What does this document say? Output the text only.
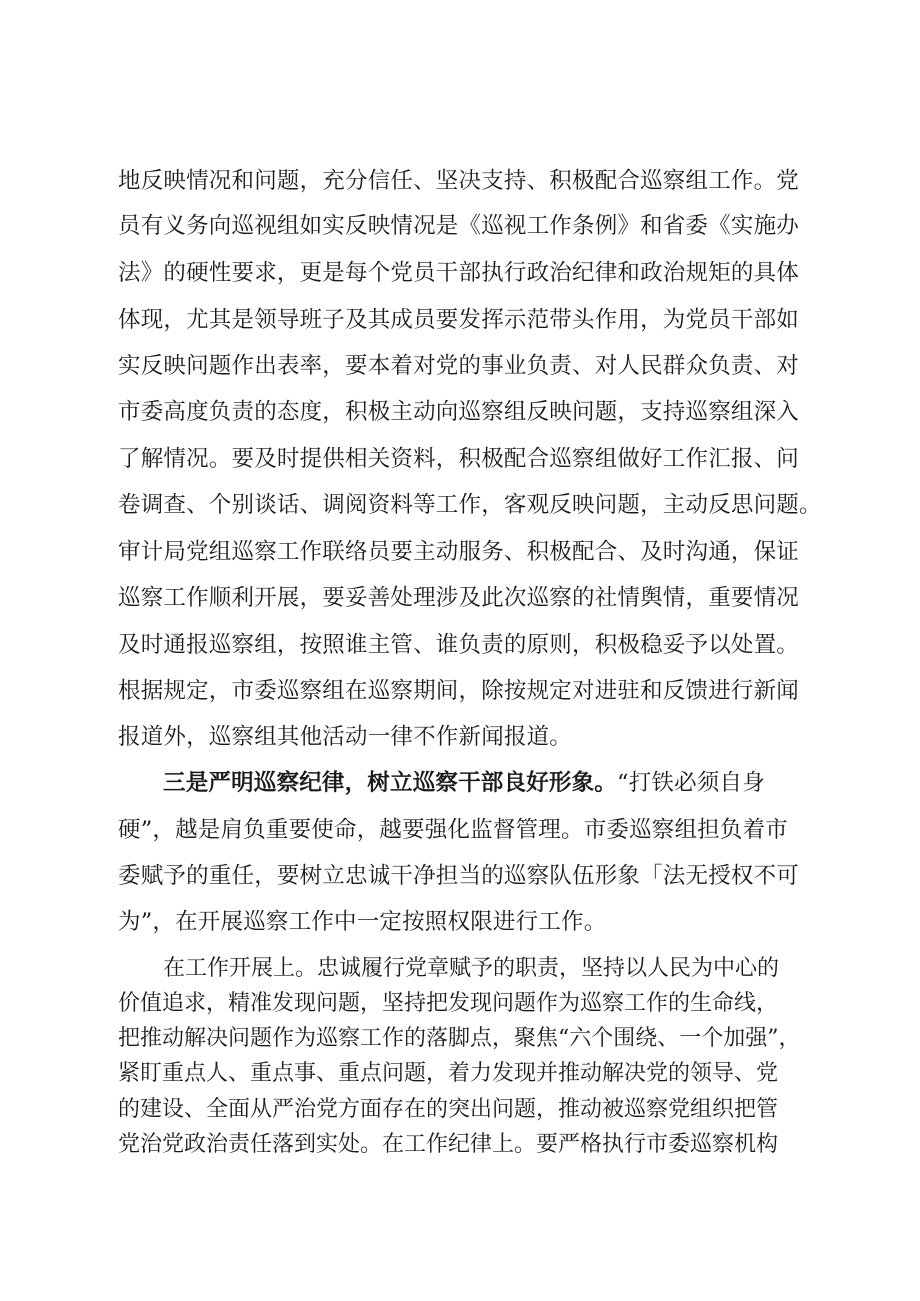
地反映情况和问题，充分信任、坚决支持、积极配合巡察组工作。党
员有义务向巡视组如实反映情况是《巡视工作条例》和省委《实施办
法》的硬性要求，更是每个党员干部执行政治纪律和政治规矩的具体
体现，尤其是领导班子及其成员要发挥示范带头作用，为党员干部如
实反映问题作出表率，要本着对党的事业负责、对人民群众负责、对
市委高度负责的态度，积极主动向巡察组反映问题，支持巡察组深入
了解情况。要及时提供相关资料，积极配合巡察组做好工作汇报、问
卷调查、个别谈话、调阅资料等工作，客观反映问题，主动反思问题。
审计局党组巡察工作联络员要主动服务、积极配合、及时沟通，保证
巡察工作顺利开展，要妥善处理涉及此次巡察的社情舆情，重要情况
及时通报巡察组，按照谁主管、谁负责的原则，积极稳妥予以处置。
根据规定，市委巡察组在巡察期间，除按规定对进驻和反馈进行新闻
报道外，巡察组其他活动一律不作新闻报道。
三是严明巡察纪律，树立巡察干部良好形象。“打铁必须自身
硬”，越是肩负重要使命，越要强化监督管理。市委巡察组担负着市
委赋予的重任，要树立忠诚干净担当的巡察队伍形象「法无授权不可
为”，在开展巡察工作中一定按照权限进行工作。
在工作开展上。忠诚履行党章赋予的职责，坚持以人民为中心的
价值追求，精准发现问题，坚持把发现问题作为巡察工作的生命线，
把推动解决问题作为巡察工作的落脚点，聚焦“六个围绕、一个加强”，
紧盯重点人、重点事、重点问题，着力发现并推动解决党的领导、党
的建设、全面从严治党方面存在的突出问题，推动被巡察党组织把管
党治党政治责任落到实处。在工作纪律上。要严格执行市委巡察机构
